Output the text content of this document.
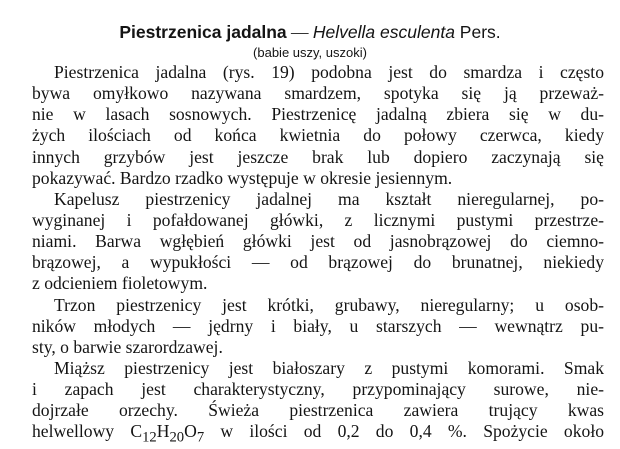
Piestrzenica jadalna — Helvella esculenta Pers.
(babie uszy, uszoki)
Piestrzenica jadalna (rys. 19) podobna jest do smardza i często
bywa omyłkowo nazywana smardzem, spotyka się ją przeważ-
nie w lasach sosnowych. Piestrzenicę jadalną zbiera się w du-
żych ilościach od końca kwietnia do połowy czerwca, kiedy
innych grzybów jest jeszcze brak lub dopiero zaczynają się
pokazywać. Bardzo rzadko występuje w okresie jesiennym.
Kapelusz piestrzenicy jadalnej ma kształt nieregularnej, po-
wyginanej i pofałdowanej główki, z licznymi pustymi przestrze-
niami. Barwa wgłębień główki jest od jasnobrązowej do ciemno-
brązowej, a wypukłości — od brązowej do brunatnej, niekiedy
z odcieniem fioletowym.
Trzon piestrzenicy jest krótki, grubawy, nieregularny; u osob-
ników młodych — jędrny i biały, u starszych — wewnątrz pu-
sty, o barwie szarordzawej.
Miąższ piestrzenicy jest białoszary z pustymi komorami. Smak
i zapach jest charakterystyczny, przypominający surowe, nie-
dojrzałe orzechy. Świeża piestrzenica zawiera trujący kwas
helwellowy $C_{12}H_{20}O_7$ w ilości od 0,2 do 0,4 %. Spożycie około
